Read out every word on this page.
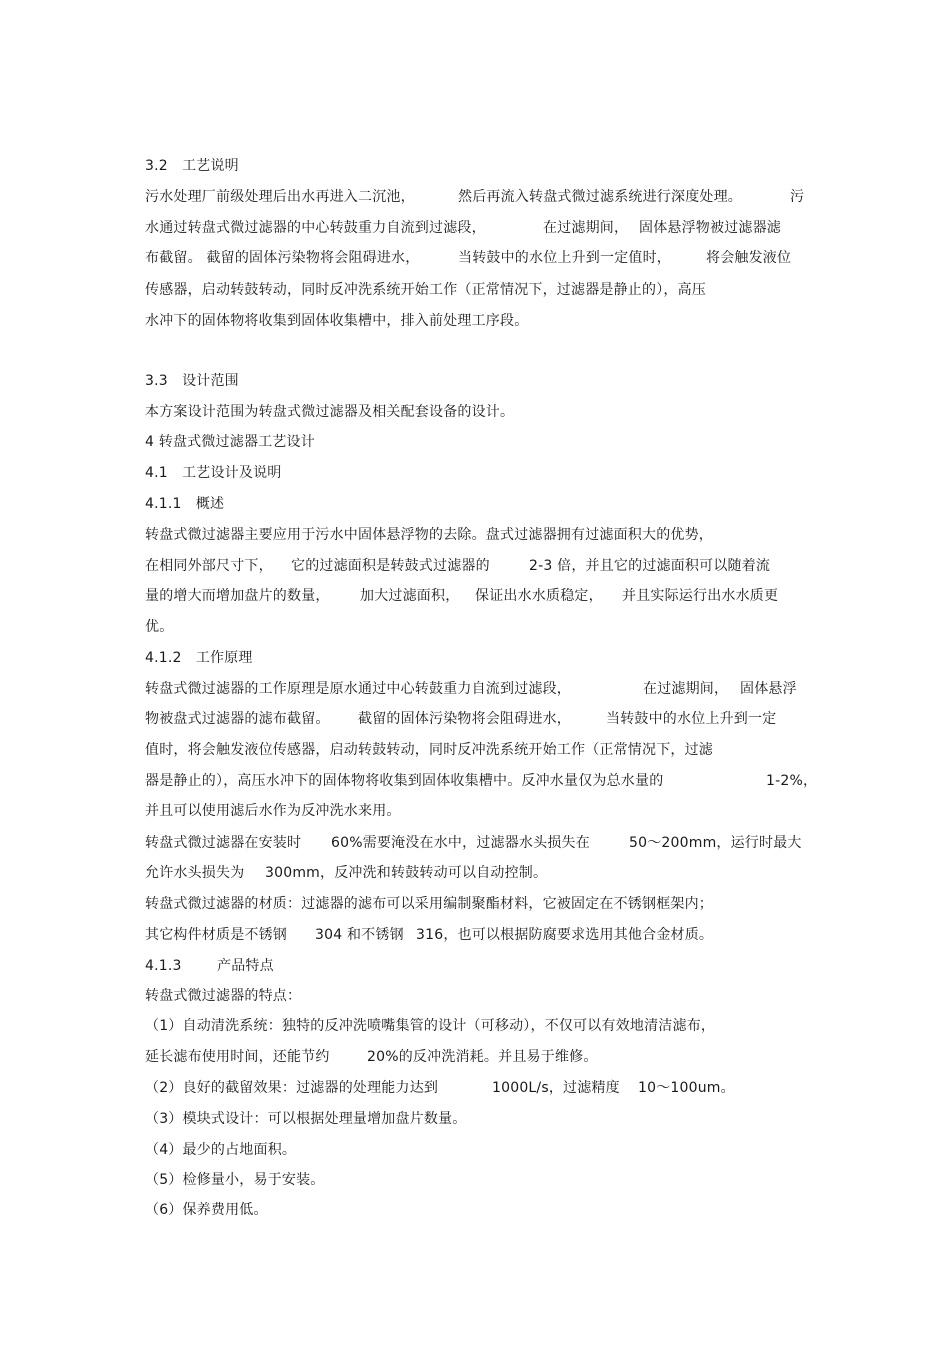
3.2　工艺说明
污水处理厂前级处理后出水再进入二沉池，	然后再流入转盘式微过滤系统进行深度处理。	污
水通过转盘式微过滤器的中心转鼓重力自流到过滤段，	在过滤期间， 固体悬浮物被过滤器滤
布截留。 截留的固体污染物将会阻碍进水，	当转鼓中的水位上升到一定值时，	将会触发液位
传感器，启动转鼓转动，同时反冲洗系统开始工作（正常情况下，过滤器是静止的），高压
水冲下的固体物将收集到固体收集槽中，排入前处理工序段。
3.3　设计范围
本方案设计范围为转盘式微过滤器及相关配套设备的设计。
4 转盘式微过滤器工艺设计
4.1　工艺设计及说明
4.1.1　概述
转盘式微过滤器主要应用于污水中固体悬浮物的去除。盘式过滤器拥有过滤面积大的优势，
在相同外部尺寸下， 它的过滤面积是转鼓式过滤器的	2-3 倍，并且它的过滤面积可以随着流
量的增大而增加盘片的数量， 加大过滤面积， 保证出水水质稳定， 并且实际运行出水水质更
优。
4.1.2　工作原理
转盘式微过滤器的工作原理是原水通过中心转鼓重力自流到过滤段，	在过滤期间， 固体悬浮
物被盘式过滤器的滤布截留。 截留的固体污染物将会阻碍进水，	当转鼓中的水位上升到一定
值时，将会触发液位传感器，启动转鼓转动，同时反冲洗系统开始工作（正常情况下，过滤
器是静止的），高压水冲下的固体物将收集到固体收集槽中。反冲水量仅为总水量的	1-2%，
并且可以使用滤后水作为反冲洗水来用。
转盘式微过滤器在安装时 60%需要淹没在水中，过滤器水头损失在	50～200mm，运行时最大
允许水头损失为 300mm，反冲洗和转鼓转动可以自动控制。
转盘式微过滤器的材质：过滤器的滤布可以采用编制聚酯材料，它被固定在不锈钢框架内；
其它构件材质是不锈钢 304 和不锈钢 316，也可以根据防腐要求选用其他合金材质。
4.1.3	产品特点
转盘式微过滤器的特点：
（1）自动清洗系统：独特的反冲洗喷嘴集管的设计（可移动），不仅可以有效地清洁滤布，
延长滤布使用时间，还能节约	20%的反冲洗消耗。并且易于维修。
（2）良好的截留效果：过滤器的处理能力达到	1000L/s，过滤精度 10～100um。
（3）模块式设计：可以根据处理量增加盘片数量。
（4）最少的占地面积。
（5）检修量小，易于安装。
（6）保养费用低。
